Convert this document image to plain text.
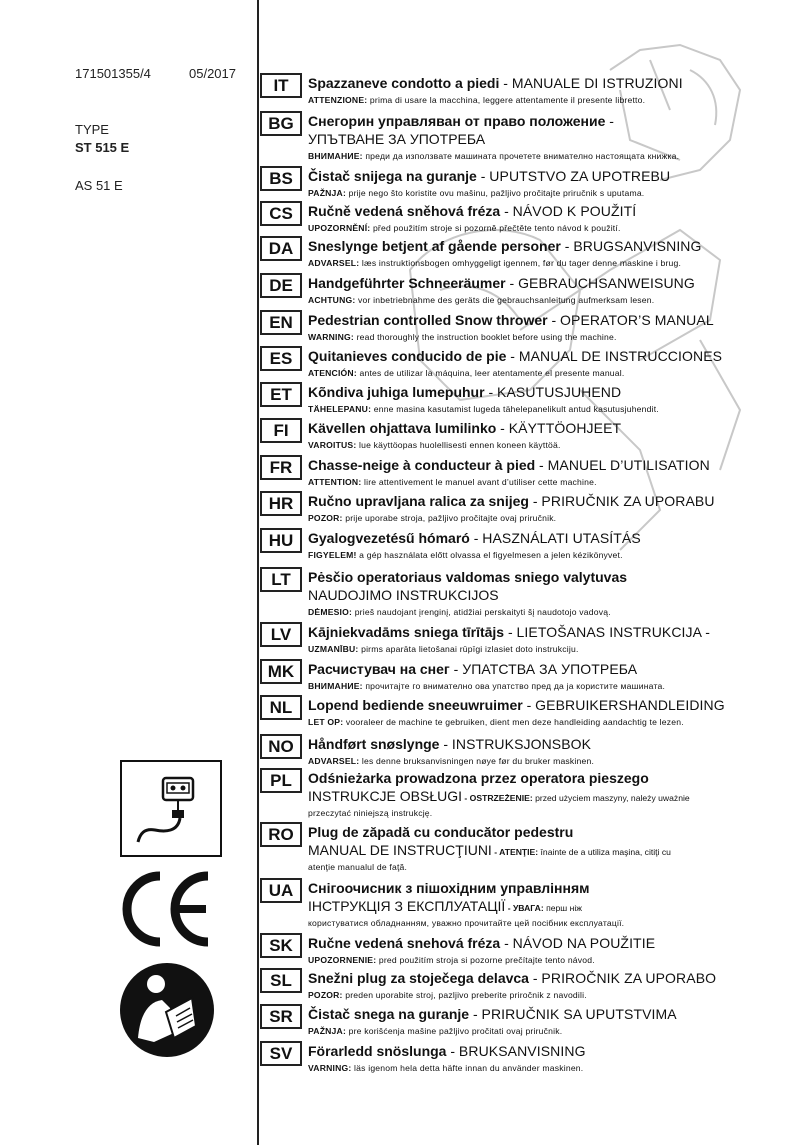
171501355/4	05/2017
TYPE
ST 515 E
AS 51 E
IT	Spazzaneve condotto a piedi - MANUALE DI ISTRUZIONI
ATTENZIONE: prima di usare la macchina, leggere attentamente il presente libretto.
BG	Снегорин управляван от право положение -
УПЪТВАНЕ ЗА УПОТРЕБА
ВНИМАНИЕ: преди да използвате машината прочетете внимателно настоящата книжка.
BS	Čistač snijega na guranje - UPUTSTVO ZA UPOTREBU
PAŽNJA: prije nego što koristite ovu mašinu, pažljivo pročitajte priručnik s uputama.
CS	Ručně vedená sněhová fréza - NÁVOD K POUŽITÍ
UPOZORNĚNÍ: před použitím stroje si pozorně přečtěte tento návod k použití.
DA	Sneslynge betjent af gående personer - BRUGSANVISNING
ADVARSEL: læs instruktionsbogen omhyggeligt igennem, før du tager denne maskine i brug.
DE	Handgeführter Schneeräumer - GEBRAUCHSANWEISUNG
ACHTUNG: vor inbetriebnahme des geräts die gebrauchsanleitung aufmerksam lesen.
EN	Pedestrian controlled Snow thrower - OPERATOR’S MANUAL
WARNING: read thoroughly the instruction booklet before using the machine.
ES	Quitanieves conducido de pie - MANUAL DE INSTRUCCIONES
ATENCIÓN: antes de utilizar la máquina, leer atentamente el presente manual.
ET	Kõndiva juhiga lumepuhur - KASUTUSJUHEND
TÄHELEPANU: enne masina kasutamist lugeda tähelepanelikult antud kasutusjuhendit.
FI	Kävellen ohjattava lumilinko - KÄYTTÖOHJEET
VAROITUS: lue käyttöopas huolellisesti ennen koneen käyttöä.
FR	Chasse-neige à conducteur à pied - MANUEL D’UTILISATION
ATTENTION: lire attentivement le manuel avant d’utiliser cette machine.
HR	Ručno upravljana ralica za snijeg - PRIRUČNIK ZA UPORABU
POZOR: prije uporabe stroja, pažljivo pročitajte ovaj priručnik.
HU	Gyalogvezetésű hómaró - HASZNÁLATI UTASÍTÁS
FIGYELEM! a gép használata előtt olvassa el figyelmesen a jelen kézikönyvet.
LT	Pėsčio operatoriaus valdomas sniego valytuvas
NAUDOJIMO INSTRUKCIJOS
DĖMESIO: prieš naudojant įrenginį, atidžiai perskaityti šį naudotojo vadovą.
LV	Kājniekvadāms sniega tīrītājs - LIETOŠANAS INSTRUKCIJA -
UZMANĪBU: pirms aparāta lietošanai rūpīgi izlasiet doto instrukciju.
MK Расчистувач на снег - УПАТСТВА ЗА УПОТРЕБА
ВНИМАНИЕ: прочитајте го внимателно ова упатство пред да ја користите машината.
NL	Lopend bediende sneeuwruimer - GEBRUIKERSHANDLEIDING
LET OP: vooraleer de machine te gebruiken, dient men deze handleiding aandachtig te lezen.
NO	Håndført snøslynge - INSTRUKSJONSBOK
ADVARSEL: les denne bruksanvisningen nøye før du bruker maskinen.
PL	Odśnieżarka prowadzona przez operatora pieszego
INSTRUKCJE OBSŁUGI - OSTRZEŻENIE: przed użyciem maszyny, należy uważnie
przeczytać niniejszą instrukcję.
RO	Plug de zăpadă cu conducător pedestru
MANUAL DE INSTRUCŢIUNI - ATENŢIE: înainte de a utiliza maşina, citiţi cu
atenţie manualul de faţă.
UA	Снігоочисник з пішохідним управлінням
ІНСТРУКЦІЯ З ЕКСПЛУАТАЦІЇ - УВАГА: перш ніж
користуватися обладнанням, уважно прочитайте цей посібник експлуатації.
SK	Ručne vedená snehová fréza - NÁVOD NA POUŽITIE
UPOZORNENIE: pred použitím stroja si pozorne prečítajte tento návod.
SL	Snežni plug za stoječega delavca - PRIROČNIK ZA UPORABO
POZOR: preden uporabite stroj, pazljivo preberite priročnik z navodili.
SR	Čistač snega na guranje - PRIRUČNIK SA UPUTSTVIMA
PAŽNJA: pre korišćenja mašine pažljivo pročitati ovaj priručnik.
SV	Förarledd snöslunga - BRUKSANVISNING
VARNING: läs igenom hela detta häfte innan du använder maskinen.
